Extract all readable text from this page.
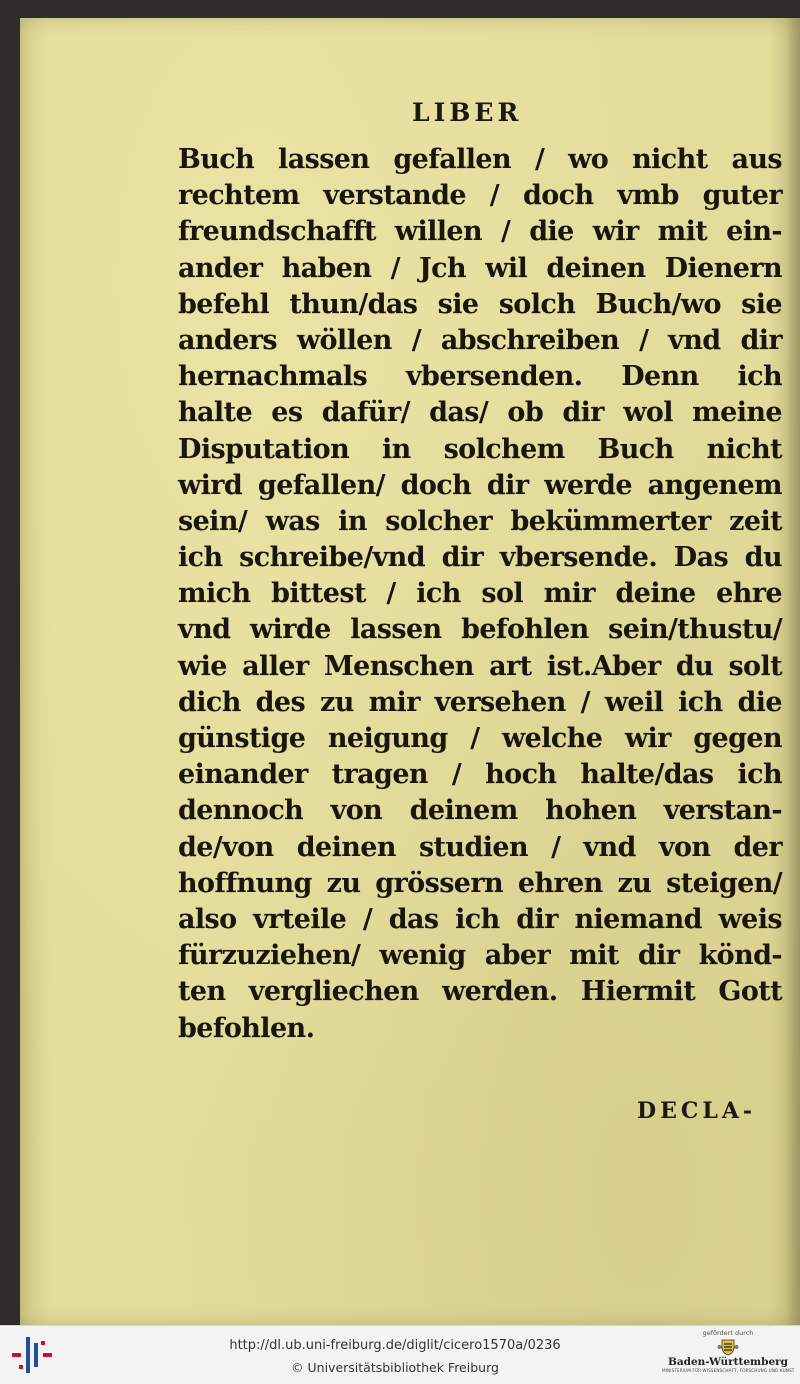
LIBER
Buch lassen gefallen / wo nicht aus
rechtem verstande / doch vmb guter
freundschafft willen / die wir mit ein-
ander haben / Jch wil deinen Dienern
befehl thun/das sie solch Buch/wo sie
anders wöllen / abschreiben / vnd dir
hernachmals vbersenden. Denn ich
halte es dafür/ das/ ob dir wol meine
Disputation in solchem Buch nicht
wird gefallen/ doch dir werde angenem
sein/ was in solcher bekümmerter zeit
ich schreibe/vnd dir vbersende. Das du
mich bittest / ich sol mir deine ehre
vnd wirde lassen befohlen sein/thustu/
wie aller Menschen art ist.Aber du solt
dich des zu mir versehen / weil ich die
günstige neigung / welche wir gegen
einander tragen / hoch halte/das ich
dennoch von deinem hohen verstan-
de/von deinen studien / vnd von der
hoffnung zu grössern ehren zu steigen/
also vrteile / das ich dir niemand weis
fürzuziehen/ wenig aber mit dir könd-
ten vergliechen werden. Hiermit Gott
befohlen.
DECLA-
http://dl.ub.uni-freiburg.de/diglit/cicero1570a/0236
© Universitätsbibliothek Freiburg
gefördert durch
Baden-Württemberg
MINISTERIUM FÜR WISSENSCHAFT, FORSCHUNG UND KUNST
